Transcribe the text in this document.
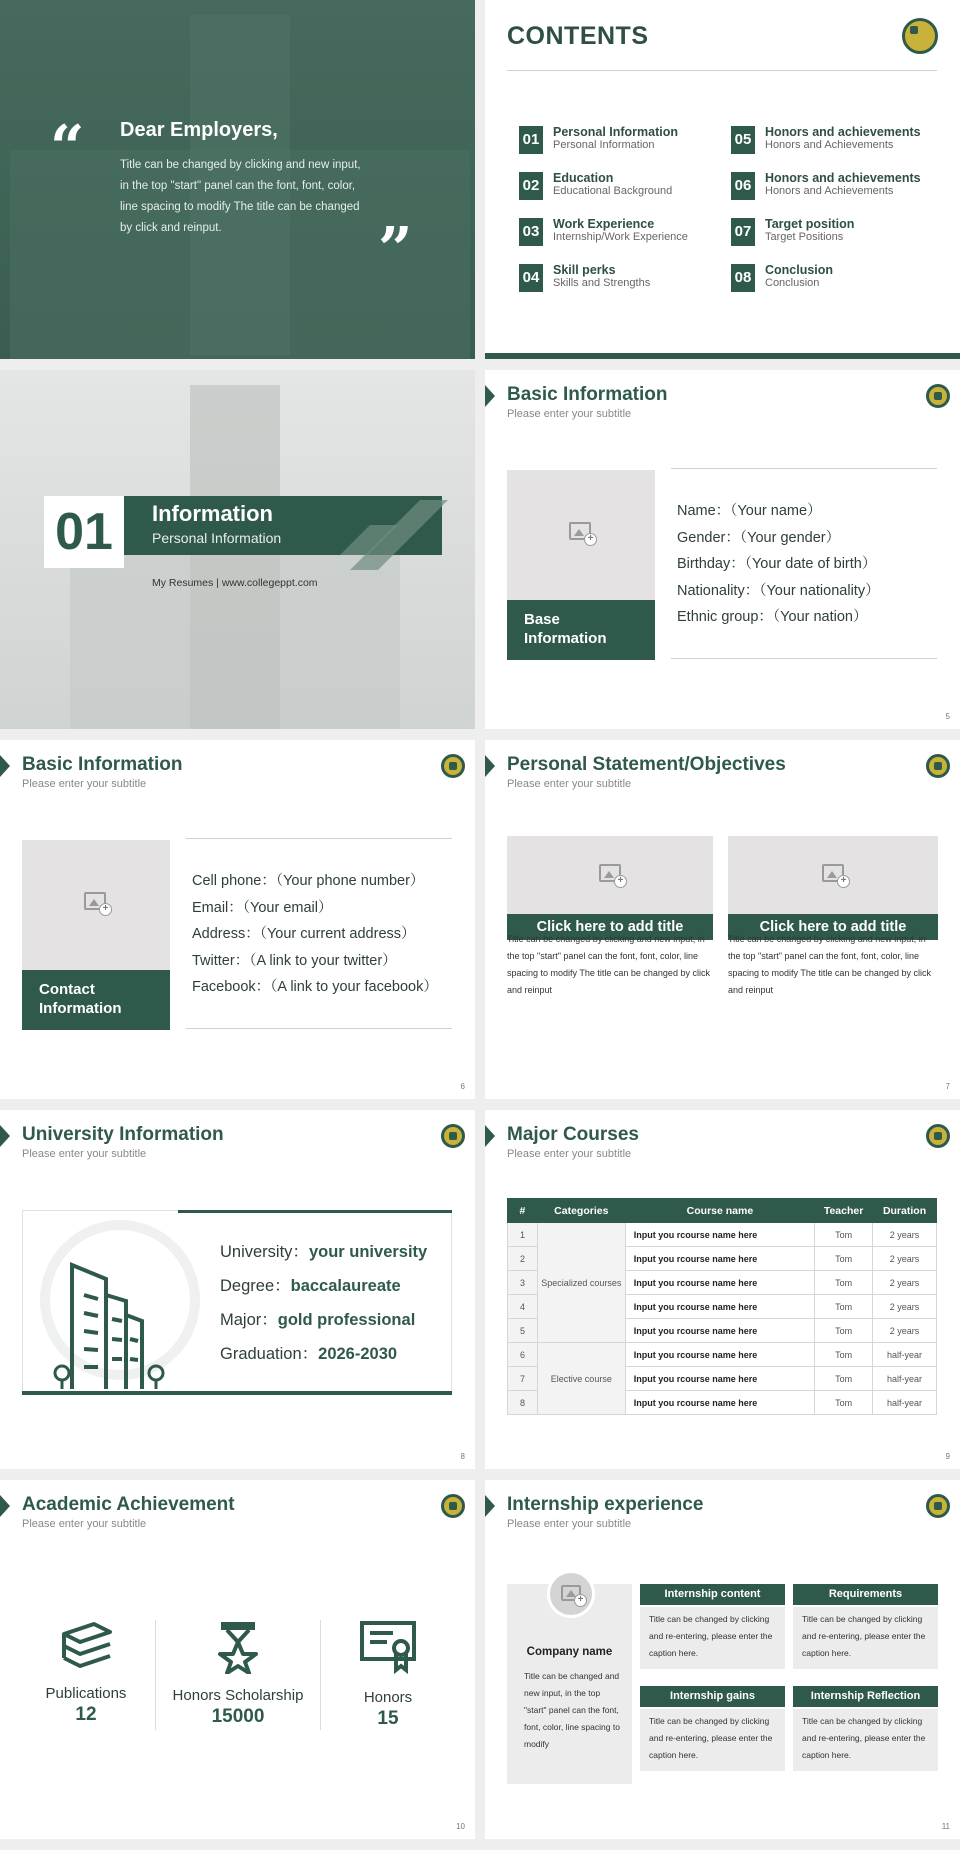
“
”
Dear Employers,
Title can be changed by clicking and new input, in the top "start" panel can the font, font, color, line spacing to modify The title can be changed by click and reinput.
CONTENTS
01 Personal Information
Personal Information
02 Education
Educational Background
03 Work Experience
Internship/Work Experience
04 Skill perks
Skills and Strengths
05 Honors and achievements
Honors and Achievements
06 Honors and achievements
Honors and Achievements
07 Target position
Target Positions
08 Conclusion
Conclusion
01	Information
Personal Information
My Resumes | www.collegeppt.com
Basic Information
Please enter your subtitle
+
Base Information
Name：（Your name）
Gender：（Your gender）
Birthday：（Your date of birth）
Nationality：（Your nationality）
Ethnic group：（Your nation）
5
Basic Information
Please enter your subtitle
+
Contact Information
Cell phone：（Your phone number）
Email：（Your email）
Address：（Your current address）
Twitter：（A link to your twitter）
Facebook：（A link to your facebook）
6
Personal Statement/Objectives
Please enter your subtitle
+
Click here to add title
Title can be changed by clicking and new input, in the top "start" panel can the font, font, color, line spacing to modify The title can be changed by click and reinput
+
Click here to add title
Title can be changed by clicking and new input, in the top "start" panel can the font, font, color, line spacing to modify The title can be changed by click and reinput
7
University Information
Please enter your subtitle
University：your university
Degree：baccalaureate
Major：gold professional
Graduation：2026-2030
8
Major Courses
Please enter your subtitle
#	Categories	Course name	Teacher	Duration
1	Specialized courses	Input you rcourse name here	Tom	2 years
2		Input you rcourse name here	Tom	2 years
3		Input you rcourse name here	Tom	2 years
4		Input you rcourse name here	Tom	2 years
5		Input you rcourse name here	Tom	2 years
6	Elective course	Input you rcourse name here	Tom	half-year
7		Input you rcourse name here	Tom	half-year
8		Input you rcourse name here	Tom	half-year
9
Academic Achievement
Please enter your subtitle
Publications
12
Honors Scholarship
15000
Honors
15
10
Internship experience
Please enter your subtitle
Company name
Title can be changed and new input, in the top "start" panel can the font, font, color, line spacing to modify
+
Internship content
Title can be changed by clicking and re-entering, please enter the caption here.
Requirements
Title can be changed by clicking and re-entering, please enter the caption here.
Internship gains
Title can be changed by clicking and re-entering, please enter the caption here.
Internship Reflection
Title can be changed by clicking and re-entering, please enter the caption here.
11
